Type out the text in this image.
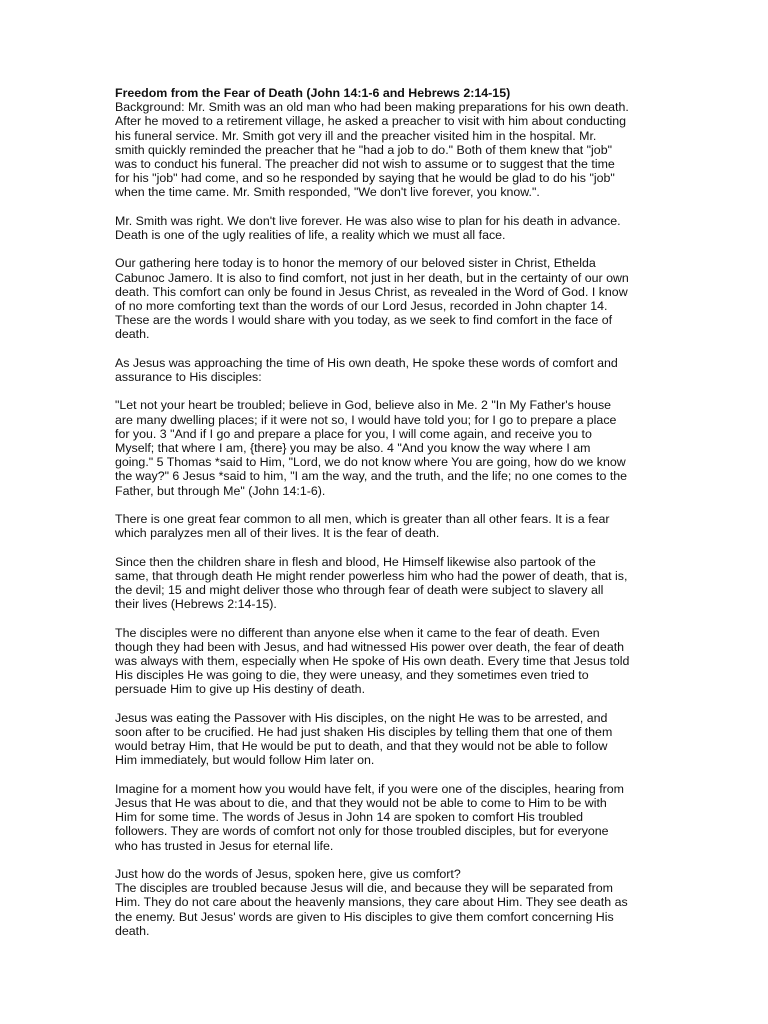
Freedom from the Fear of Death (John 14:1-6 and Hebrews 2:14-15)
Background: Mr. Smith was an old man who had been making preparations for his own death.
After he moved to a retirement village, he asked a preacher to visit with him about conducting
his funeral service. Mr. Smith got very ill and the preacher visited him in the hospital. Mr.
smith quickly reminded the preacher that he "had a job to do." Both of them knew that "job"
was to conduct his funeral. The preacher did not wish to assume or to suggest that the time
for his "job" had come, and so he responded by saying that he would be glad to do his "job"
when the time came. Mr. Smith responded, "We don't live forever, you know.".
Mr. Smith was right. We don't live forever. He was also wise to plan for his death in advance.
Death is one of the ugly realities of life, a reality which we must all face.
Our gathering here today is to honor the memory of our beloved sister in Christ, Ethelda
Cabunoc Jamero. It is also to find comfort, not just in her death, but in the certainty of our own
death. This comfort can only be found in Jesus Christ, as revealed in the Word of God. I know
of no more comforting text than the words of our Lord Jesus, recorded in John chapter 14.
These are the words I would share with you today, as we seek to find comfort in the face of
death.
As Jesus was approaching the time of His own death, He spoke these words of comfort and
assurance to His disciples:
"Let not your heart be troubled; believe in God, believe also in Me. 2 "In My Father's house
are many dwelling places; if it were not so, I would have told you; for I go to prepare a place
for you. 3 "And if I go and prepare a place for you, I will come again, and receive you to
Myself; that where I am, {there} you may be also. 4 "And you know the way where I am
going." 5 Thomas *said to Him, "Lord, we do not know where You are going, how do we know
the way?" 6 Jesus *said to him, "I am the way, and the truth, and the life; no one comes to the
Father, but through Me" (John 14:1-6).
There is one great fear common to all men, which is greater than all other fears. It is a fear
which paralyzes men all of their lives. It is the fear of death.
Since then the children share in flesh and blood, He Himself likewise also partook of the
same, that through death He might render powerless him who had the power of death, that is,
the devil; 15 and might deliver those who through fear of death were subject to slavery all
their lives (Hebrews 2:14-15).
The disciples were no different than anyone else when it came to the fear of death. Even
though they had been with Jesus, and had witnessed His power over death, the fear of death
was always with them, especially when He spoke of His own death. Every time that Jesus told
His disciples He was going to die, they were uneasy, and they sometimes even tried to
persuade Him to give up His destiny of death.
Jesus was eating the Passover with His disciples, on the night He was to be arrested, and
soon after to be crucified. He had just shaken His disciples by telling them that one of them
would betray Him, that He would be put to death, and that they would not be able to follow
Him immediately, but would follow Him later on.
Imagine for a moment how you would have felt, if you were one of the disciples, hearing from
Jesus that He was about to die, and that they would not be able to come to Him to be with
Him for some time. The words of Jesus in John 14 are spoken to comfort His troubled
followers. They are words of comfort not only for those troubled disciples, but for everyone
who has trusted in Jesus for eternal life.
Just how do the words of Jesus, spoken here, give us comfort?
The disciples are troubled because Jesus will die, and because they will be separated from
Him. They do not care about the heavenly mansions, they care about Him. They see death as
the enemy. But Jesus' words are given to His disciples to give them comfort concerning His
death.
